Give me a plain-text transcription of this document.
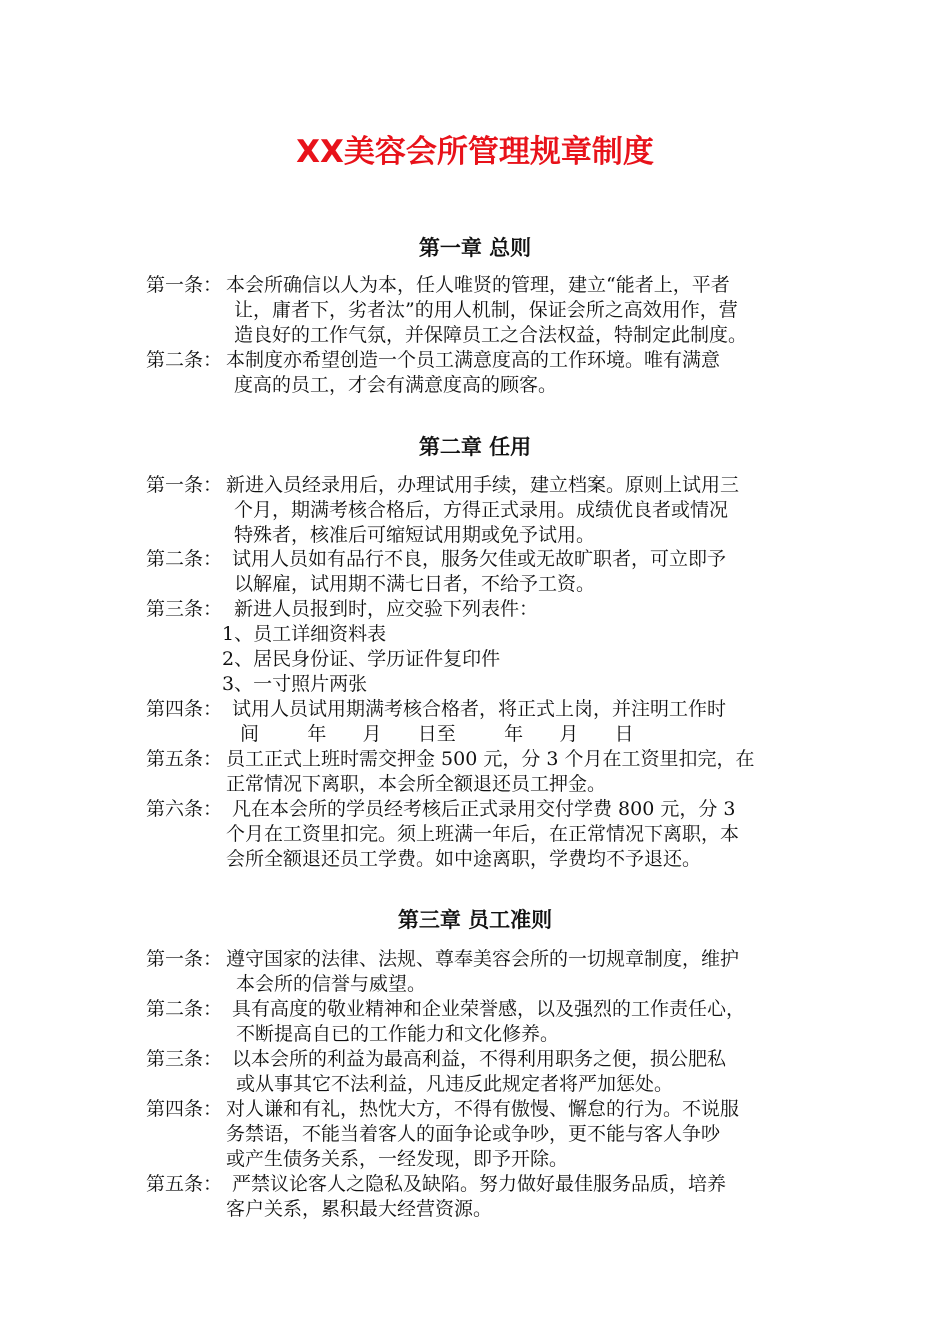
XX美容会所管理规章制度
第一章 总则
第一条： 本会所确信以人为本，任人唯贤的管理，建立“能者上，平者
让，庸者下，劣者汰”的用人机制，保证会所之高效用作，营
造良好的工作气氛，并保障员工之合法权益，特制定此制度。
第二条： 本制度亦希望创造一个员工满意度高的工作环境。唯有满意
度高的员工，才会有满意度高的顾客。
第二章 任用
第一条： 新进入员经录用后，办理试用手续，建立档案。原则上试用三
个月，期满考核合格后，方得正式录用。成绩优良者或情况
特殊者，核准后可缩短试用期或免予试用。
第二条： 试用人员如有品行不良，服务欠佳或无故旷职者，可立即予
以解雇，试用期不满七日者，不给予工资。
第三条： 新进人员报到时，应交验下列表件：
1、员工详细资料表
2、居民身份证、学历证件复印件
3、一寸照片两张
第四条： 试用人员试用期满考核合格者，将正式上岗，并注明工作时
间        年      月      日至        年      月      日
第五条： 员工正式上班时需交押金 500 元，分 3 个月在工资里扣完，在
正常情况下离职，本会所全额退还员工押金。
第六条： 凡在本会所的学员经考核后正式录用交付学费 800 元，分 3
个月在工资里扣完。须上班满一年后，在正常情况下离职，本
会所全额退还员工学费。如中途离职，学费均不予退还。
第三章 员工准则
第一条： 遵守国家的法律、法规、尊奉美容会所的一切规章制度，维护
本会所的信誉与威望。
第二条： 具有高度的敬业精神和企业荣誉感，以及强烈的工作责任心，
不断提高自已的工作能力和文化修养。
第三条： 以本会所的利益为最高利益，不得利用职务之便，损公肥私
或从事其它不法利益，凡违反此规定者将严加惩处。
第四条： 对人谦和有礼，热忱大方，不得有傲慢、懈怠的行为。不说服
务禁语，不能当着客人的面争论或争吵，更不能与客人争吵
或产生债务关系，一经发现，即予开除。
第五条： 严禁议论客人之隐私及缺陷。努力做好最佳服务品质，培养
客户关系，累积最大经营资源。
